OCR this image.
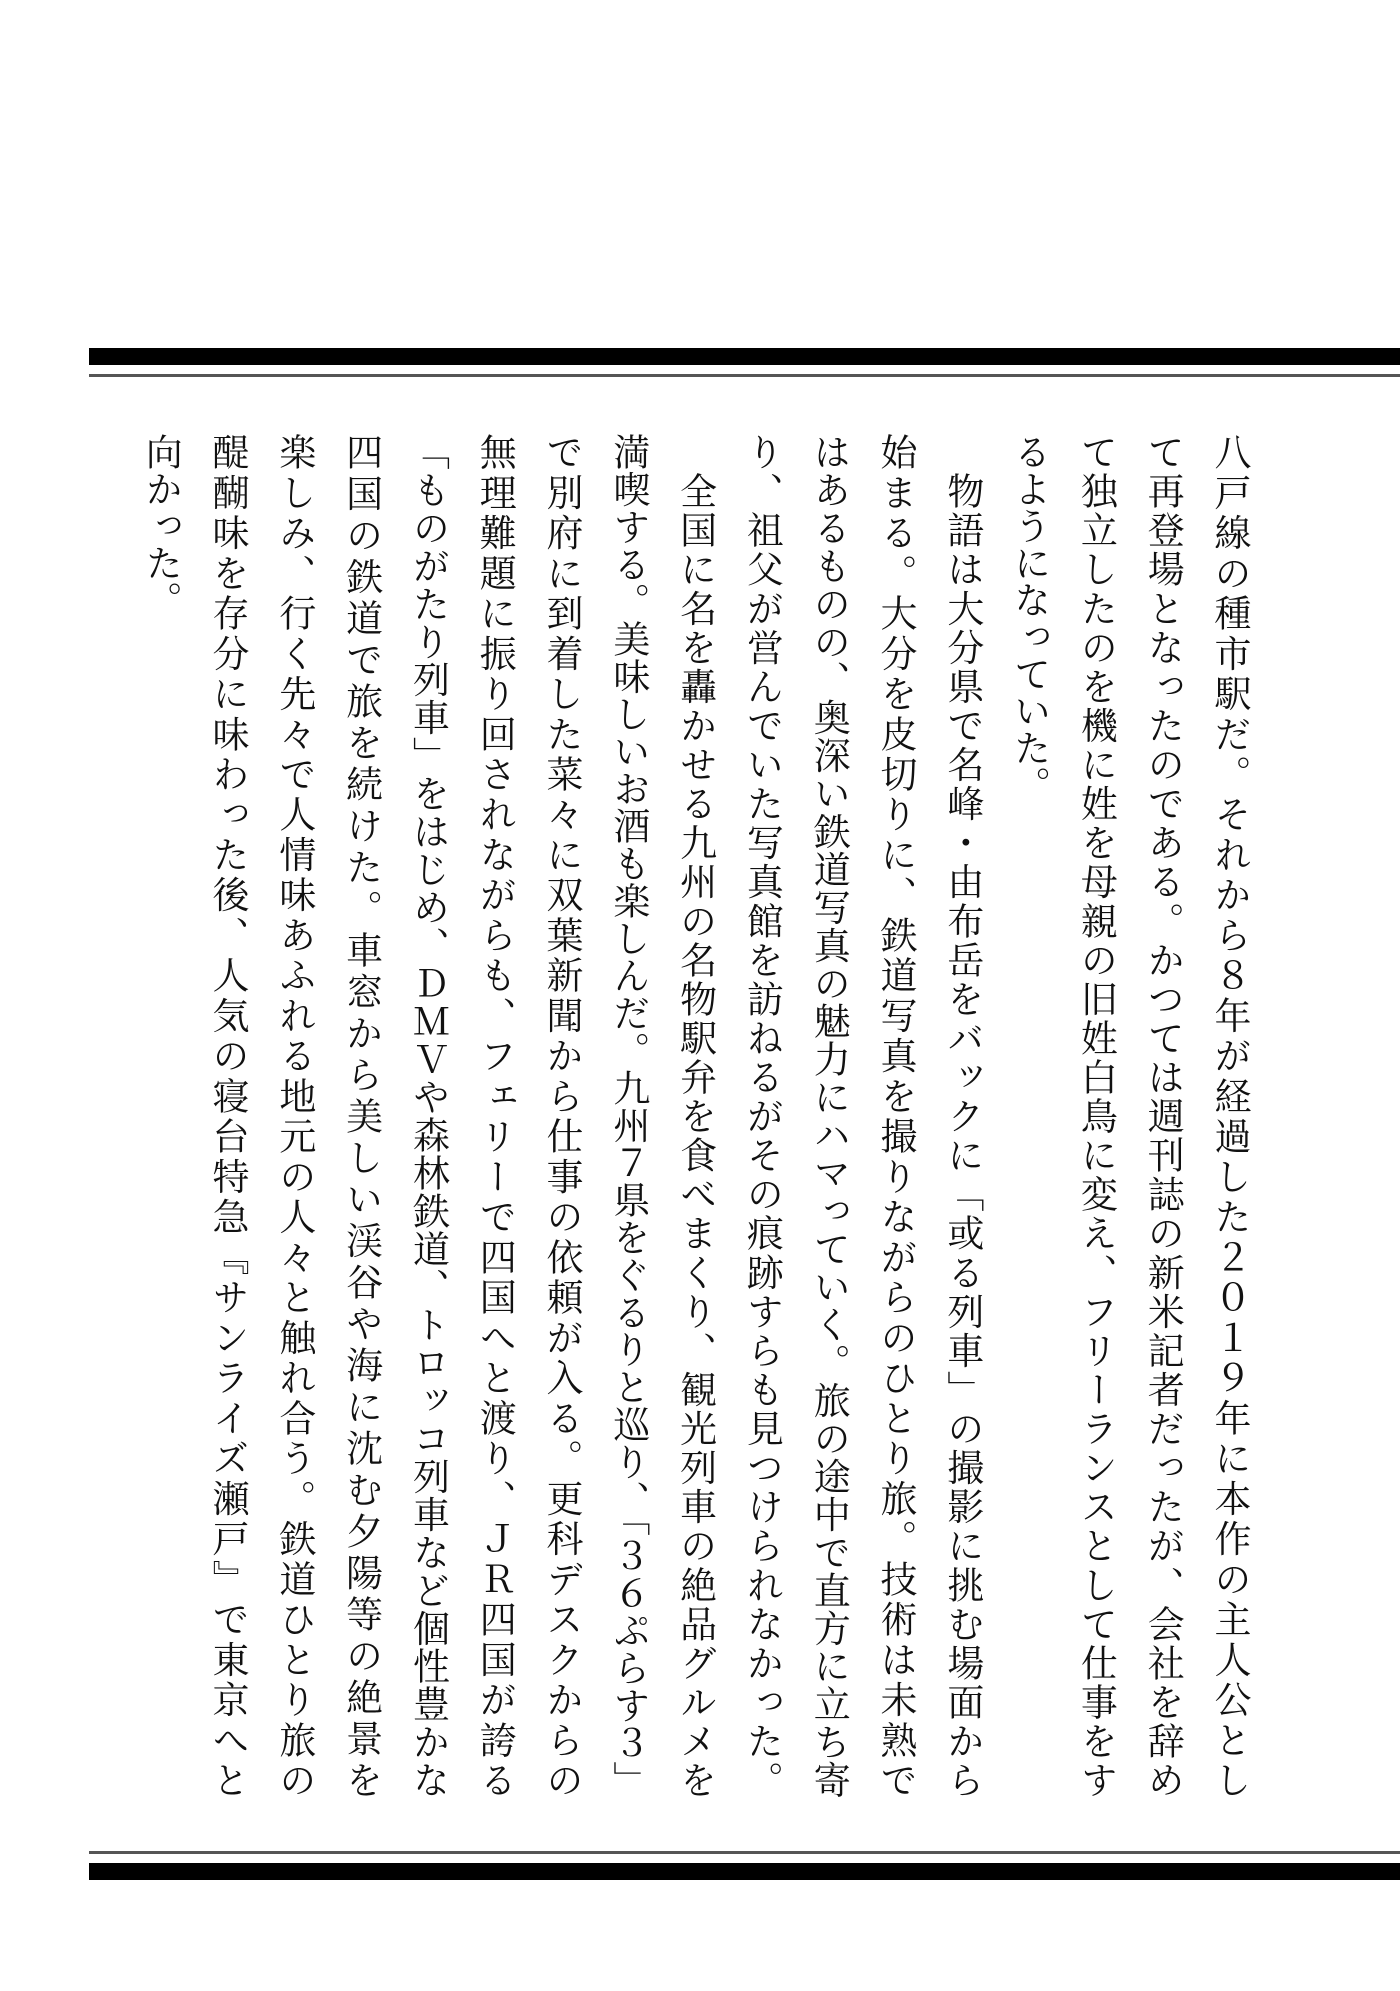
八戸線の種市駅だ。それから８年が経過した２０１９年に本作の主人公とし
て再登場となったのである。かつては週刊誌の新米記者だったが、会社を辞め
て独立したのを機に姓を母親の旧姓白鳥に変え、フリーランスとして仕事をす
るようになっていた。
　物語は大分県で名峰・由布岳をバックに「或る列車」の撮影に挑む場面から
始まる。大分を皮切りに、鉄道写真を撮りながらのひとり旅。技術は未熟で
はあるものの、奥深い鉄道写真の魅力にハマっていく。旅の途中で直方に立ち寄
り、祖父が営んでいた写真館を訪ねるがその痕跡すらも見つけられなかった。
　全国に名を轟かせる九州の名物駅弁を食べまくり、観光列車の絶品グルメを
満喫する。美味しいお酒も楽しんだ。九州７県をぐるりと巡り、「３６ぷらす３」
で別府に到着した菜々に双葉新聞から仕事の依頼が入る。更科デスクからの
無理難題に振り回されながらも、フェリーで四国へと渡り、ＪＲ四国が誇る
「ものがたり列車」をはじめ、ＤＭＶや森林鉄道、トロッコ列車など個性豊かな
四国の鉄道で旅を続けた。車窓から美しい渓谷や海に沈む夕陽等の絶景を
楽しみ、行く先々で人情味あふれる地元の人々と触れ合う。鉄道ひとり旅の
醍醐味を存分に味わった後、人気の寝台特急『サンライズ瀬戸』で東京へと
向かった。
